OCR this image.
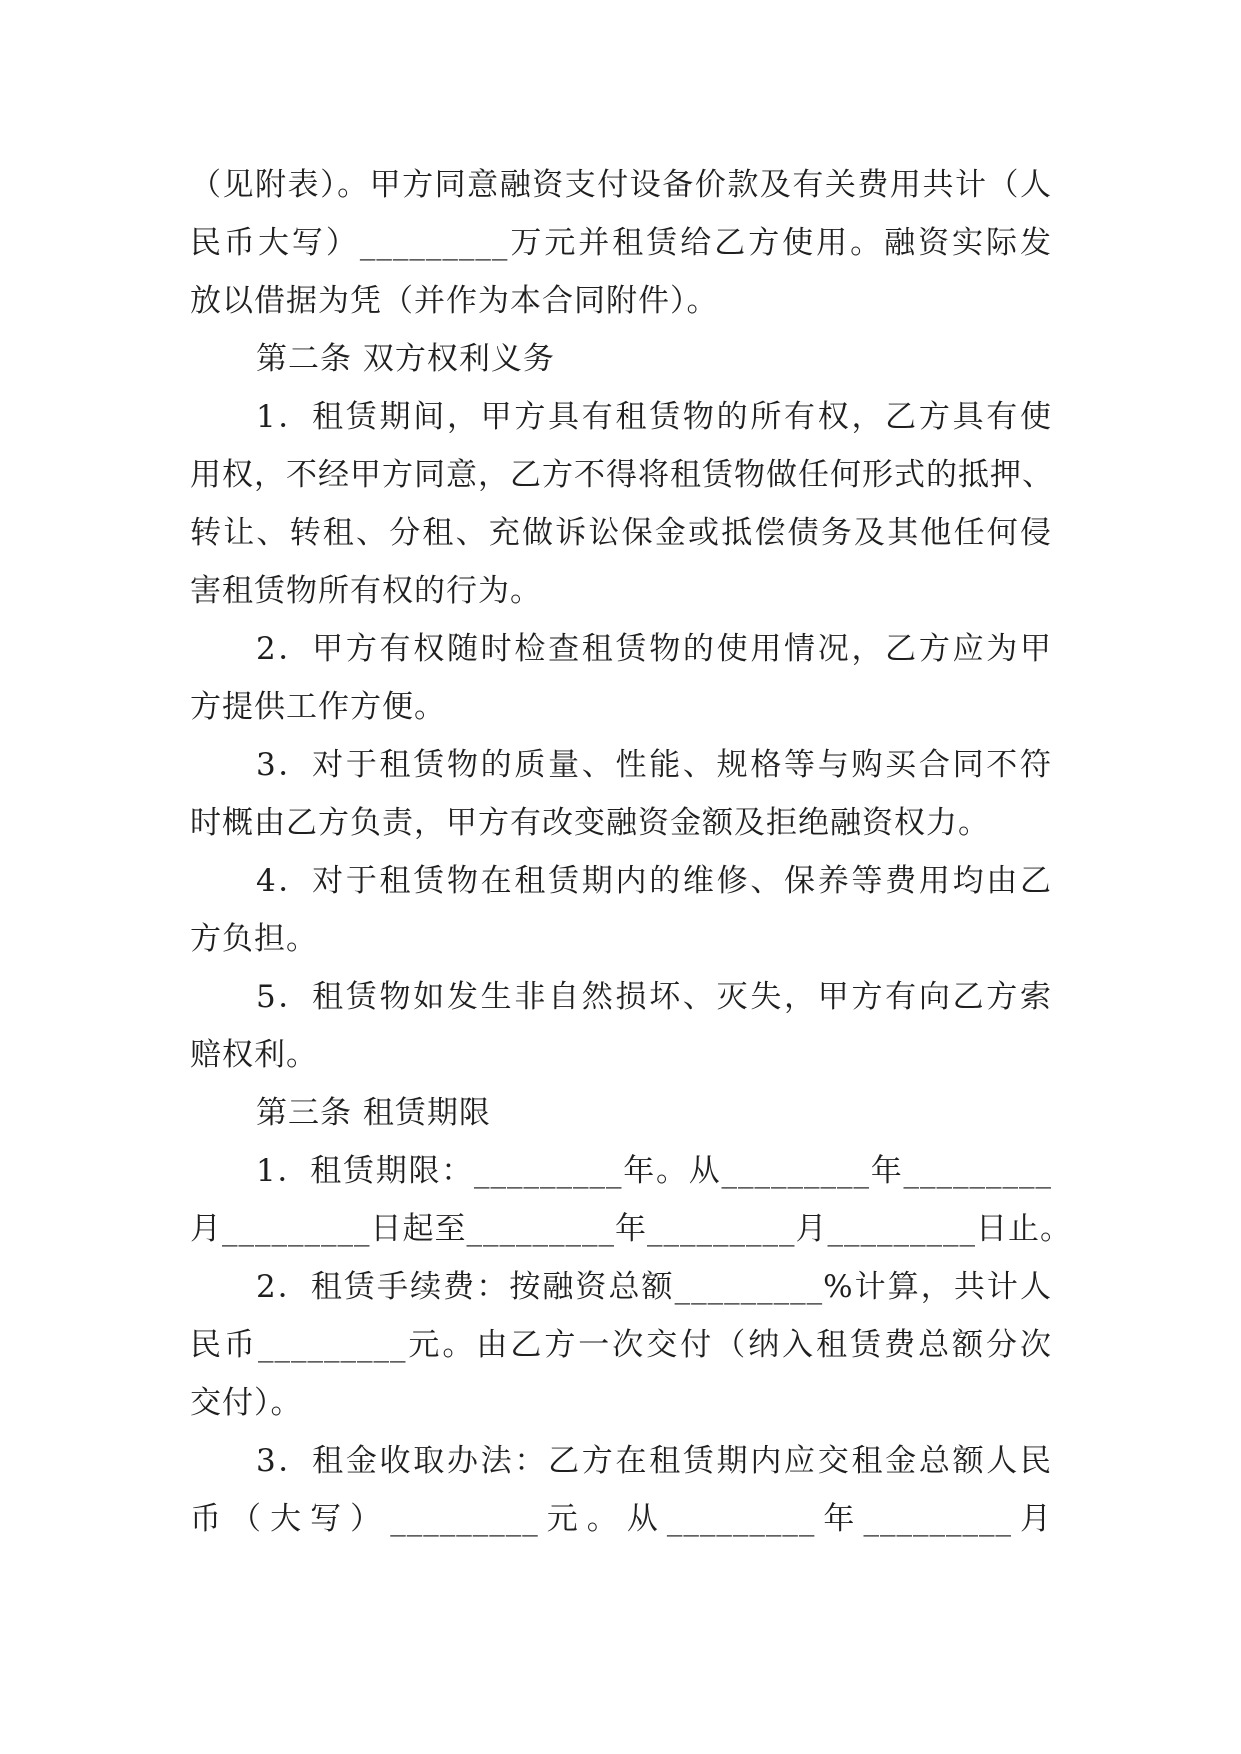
（见附表）。甲方同意融资支付设备价款及有关费用共计（人
民币大写）_________万元并租赁给乙方使用。融资实际发
放以借据为凭（并作为本合同附件）。
第二条 双方权利义务
1．租赁期间，甲方具有租赁物的所有权，乙方具有使
用权，不经甲方同意，乙方不得将租赁物做任何形式的抵押、
转让、转租、分租、充做诉讼保金或抵偿债务及其他任何侵
害租赁物所有权的行为。
2．甲方有权随时检查租赁物的使用情况，乙方应为甲
方提供工作方便。
3．对于租赁物的质量、性能、规格等与购买合同不符
时概由乙方负责，甲方有改变融资金额及拒绝融资权力。
4．对于租赁物在租赁期内的维修、保养等费用均由乙
方负担。
5．租赁物如发生非自然损坏、灭失，甲方有向乙方索
赔权利。
第三条 租赁期限
1．租赁期限：_________年。从_________年_________
月_________日起至_________年_________月_________日止。
2．租赁手续费：按融资总额_________%计算，共计人
民币_________元。由乙方一次交付（纳入租赁费总额分次
交付）。
3．租金收取办法：乙方在租赁期内应交租金总额人民
币（大写）_________元。从_________年_________月
